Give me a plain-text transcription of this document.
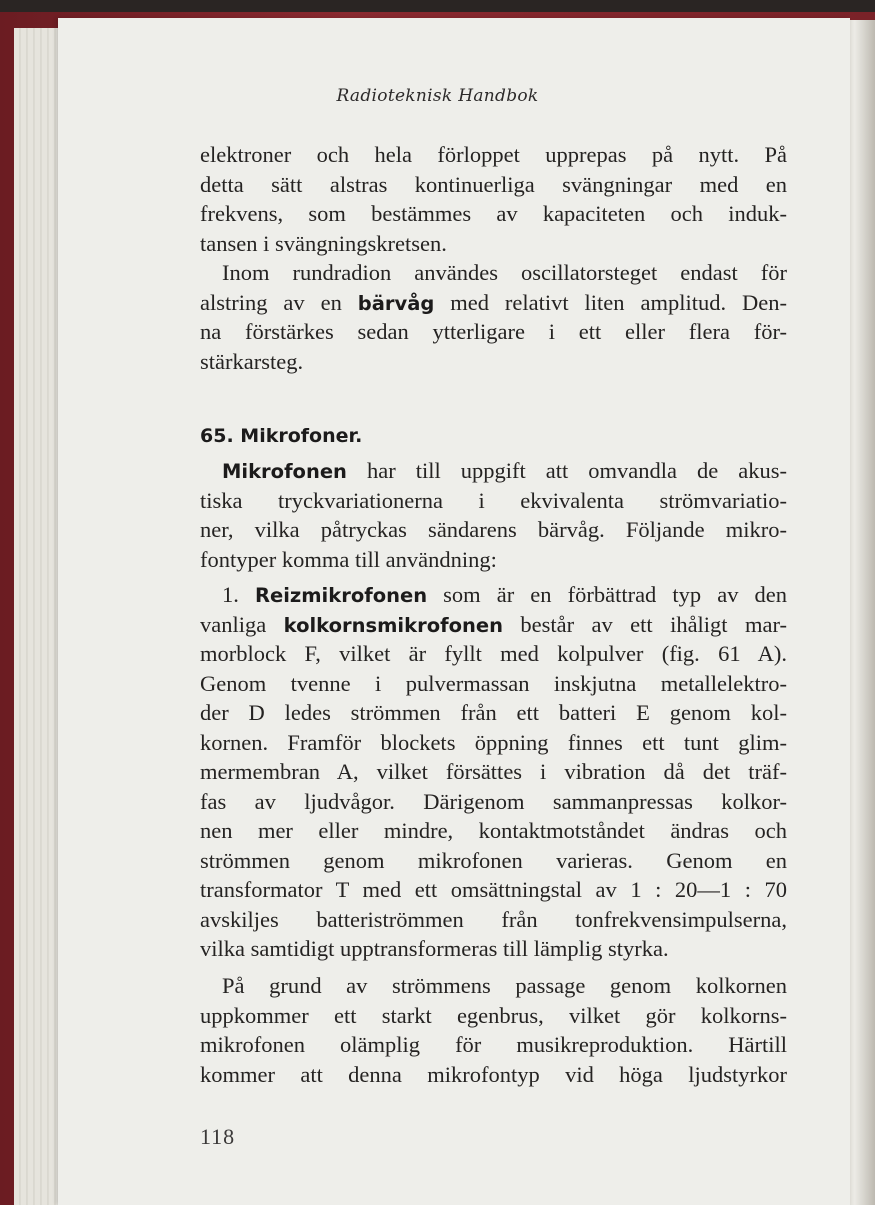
Radioteknisk Handbok
elektroner och hela förloppet upprepas på nytt. På
detta sätt alstras kontinuerliga svängningar med en
frekvens, som bestämmes av kapaciteten och induk-
tansen i svängningskretsen.
Inom rundradion användes oscillatorsteget endast för
alstring av en bärvåg med relativt liten amplitud. Den-
na förstärkes sedan ytterligare i ett eller flera för-
stärkarsteg.
65. Mikrofoner.
Mikrofonen har till uppgift att omvandla de akus-
tiska tryckvariationerna i ekvivalenta strömvariatio-
ner, vilka påtryckas sändarens bärvåg. Följande mikro-
fontyper komma till användning:
1. Reizmikrofonen som är en förbättrad typ av den
vanliga kolkornsmikrofonen består av ett ihåligt mar-
morblock F, vilket är fyllt med kolpulver (fig. 61 A).
Genom tvenne i pulvermassan inskjutna metallelektro-
der D ledes strömmen från ett batteri E genom kol-
kornen. Framför blockets öppning finnes ett tunt glim-
mermembran A, vilket försättes i vibration då det träf-
fas av ljudvågor. Därigenom sammanpressas kolkor-
nen mer eller mindre, kontaktmotståndet ändras och
strömmen genom mikrofonen varieras. Genom en
transformator T med ett omsättningstal av 1 : 20—1 : 70
avskiljes batteriströmmen från tonfrekvensimpulserna,
vilka samtidigt upptransformeras till lämplig styrka.
På grund av strömmens passage genom kolkornen
uppkommer ett starkt egenbrus, vilket gör kolkorns-
mikrofonen olämplig för musikreproduktion. Härtill
kommer att denna mikrofontyp vid höga ljudstyrkor
118
